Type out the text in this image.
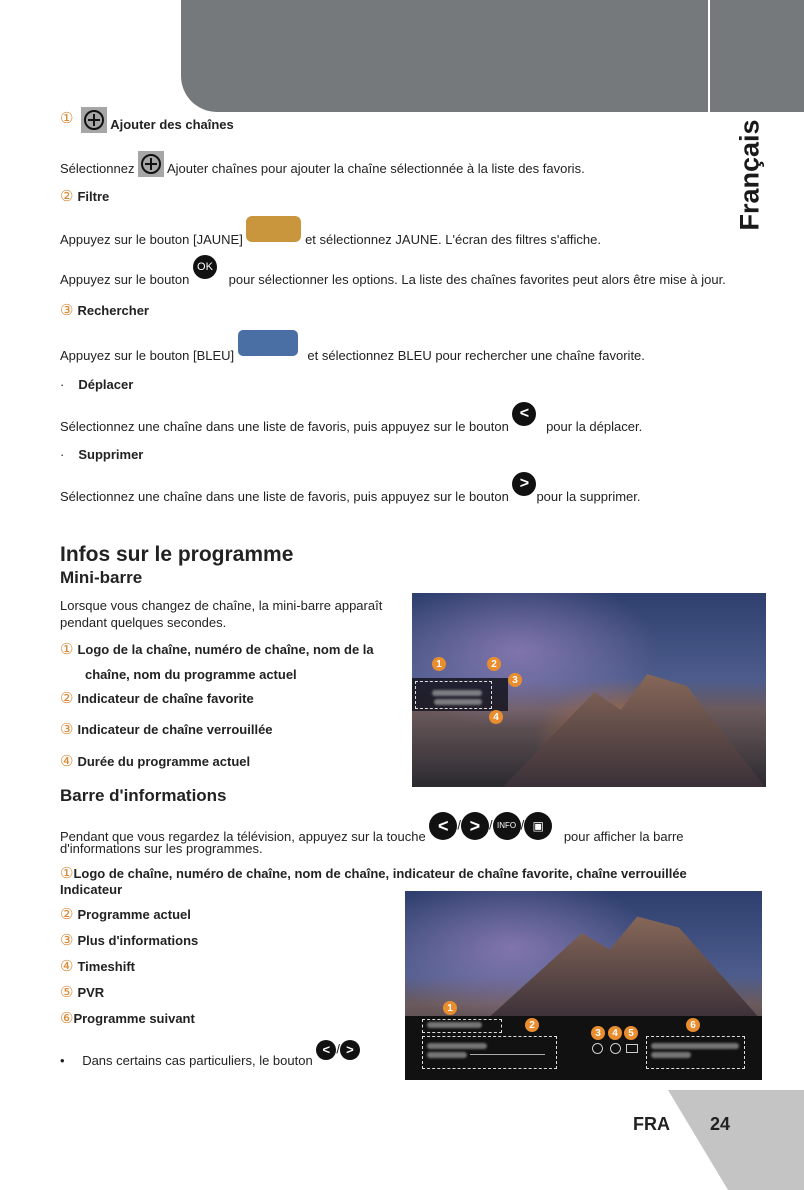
Français
①	Ajouter des chaînes
Sélectionnez	Ajouter chaînes pour ajouter la chaîne sélectionnée à la liste des favoris.
② Filtre
Appuyez sur le bouton [JAUNE]	et sélectionnez JAUNE. L'écran des filtres s'affiche.
Appuyez sur le bouton OK pour sélectionner les options. La liste des chaînes favorites peut alors être mise à jour.
③ Rechercher
Appuyez sur le bouton [BLEU]	et sélectionnez BLEU pour rechercher une chaîne favorite.
· Déplacer
Sélectionnez une chaîne dans une liste de favoris, puis appuyez sur le bouton < pour la déplacer.
· Supprimer
Sélectionnez une chaîne dans une liste de favoris, puis appuyez sur le bouton >pour la supprimer.
Infos sur le programme
Mini-barre
Lorsque vous changez de chaîne, la mini-barre apparaît
pendant quelques secondes.
① Logo de la chaîne, numéro de chaîne, nom de la
chaîne, nom du programme actuel
② Indicateur de chaîne favorite
③ Indicateur de chaîne verrouillée
④ Durée du programme actuel
1	2
3
4
Barre d'informations
Pendant que vous regardez la télévision, appuyez sur la touche < / > / INFO / ▣ pour afficher la barre
d'informations sur les programmes.
①Logo de chaîne, numéro de chaîne, nom de chaîne, indicateur de chaîne favorite, chaîne verrouillée
Indicateur
② Programme actuel
③ Plus d'informations
④ Timeshift
⑤ PVR
⑥Programme suivant
• Dans certains cas particuliers, le bouton < / >
1
2
3	4	5
6
FRA 24
